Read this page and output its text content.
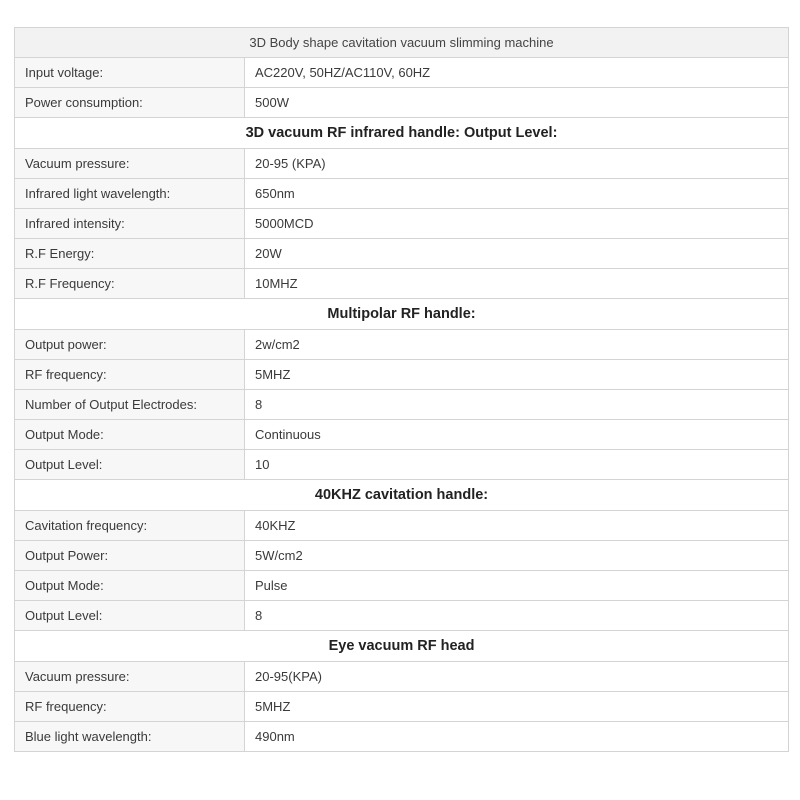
3D Body shape cavitation vacuum slimming machine	
Input voltage:	AC220V, 50HZ/AC110V, 60HZ
Power consumption:	500W
3D vacuum RF infrared handle: Output Level:	
Vacuum pressure:	20-95 (KPA)
Infrared light wavelength:	650nm
Infrared intensity:	5000MCD
R.F Energy:	20W
R.F Frequency:	10MHZ
Multipolar RF handle:	
Output power:	2w/cm2
RF frequency:	5MHZ
Number of Output Electrodes:	8
Output Mode:	Continuous
Output Level:	10
40KHZ cavitation handle:	
Cavitation frequency:	40KHZ
Output Power:	5W/cm2
Output Mode:	Pulse
Output Level:	8
Eye vacuum RF head	
Vacuum pressure:	20-95(KPA)
RF frequency:	5MHZ
Blue light wavelength:	490nm
